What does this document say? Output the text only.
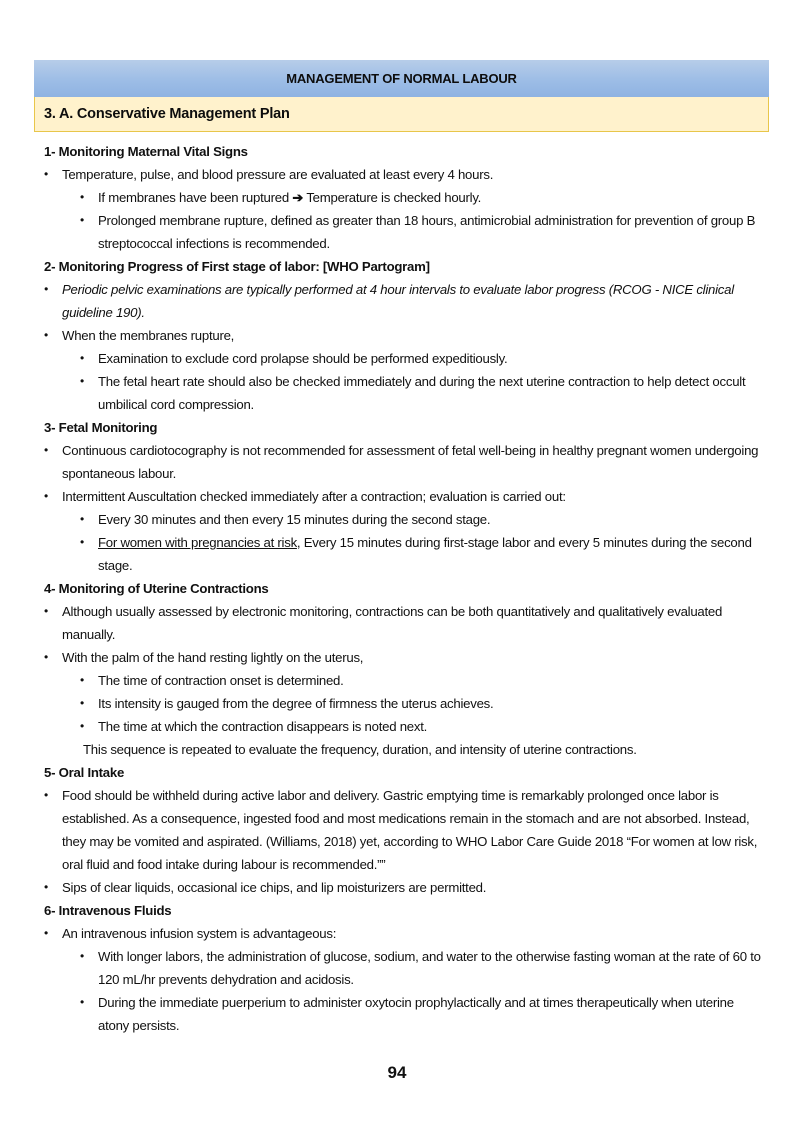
MANAGEMENT OF NORMAL LABOUR
3. A. Conservative Management Plan

1- Monitoring Maternal Vital Signs

• Temperature, pulse, and blood pressure are evaluated at least every 4 hours.

• If membranes have been ruptured ➔ Temperature is checked hourly.

• Prolonged membrane rupture, defined as greater than 18 hours, antimicrobial administration for prevention of group B streptococcal infections is recommended.

2- Monitoring Progress of First stage of labor: [WHO Partogram]

• Periodic pelvic examinations are typically performed at 4 hour intervals to evaluate labor progress (RCOG - NICE clinical guideline 190).

• When the membranes rupture,

• Examination to exclude cord prolapse should be performed expeditiously.

• The fetal heart rate should also be checked immediately and during the next uterine contraction to help detect occult umbilical cord compression.

3- Fetal Monitoring

• Continuous cardiotocography is not recommended for assessment of fetal well-being in healthy pregnant women undergoing spontaneous labour.

• Intermittent Auscultation checked immediately after a contraction; evaluation is carried out:

• Every 30 minutes and then every 15 minutes during the second stage.

• For women with pregnancies at risk, Every 15 minutes during first-stage labor and every 5 minutes during the second stage.

4- Monitoring of Uterine Contractions

• Although usually assessed by electronic monitoring, contractions can be both quantitatively and qualitatively evaluated manually.

• With the palm of the hand resting lightly on the uterus,

• The time of contraction onset is determined.

• Its intensity is gauged from the degree of firmness the uterus achieves.

• The time at which the contraction disappears is noted next.

This sequence is repeated to evaluate the frequency, duration, and intensity of uterine contractions.

5- Oral Intake

• Food should be withheld during active labor and delivery. Gastric emptying time is remarkably prolonged once labor is established. As a consequence, ingested food and most medications remain in the stomach and are not absorbed. Instead, they may be vomited and aspirated. (Williams, 2018) yet, according to WHO Labor Care Guide 2018 “For women at low risk, oral fluid and food intake during labour is recommended.””

• Sips of clear liquids, occasional ice chips, and lip moisturizers are permitted.

6- Intravenous Fluids

• An intravenous infusion system is advantageous:

• With longer labors, the administration of glucose, sodium, and water to the otherwise fasting woman at the rate of 60 to 120 mL/hr prevents dehydration and acidosis.

• During the immediate puerperium to administer oxytocin prophylactically and at times therapeutically when uterine atony persists.

94
